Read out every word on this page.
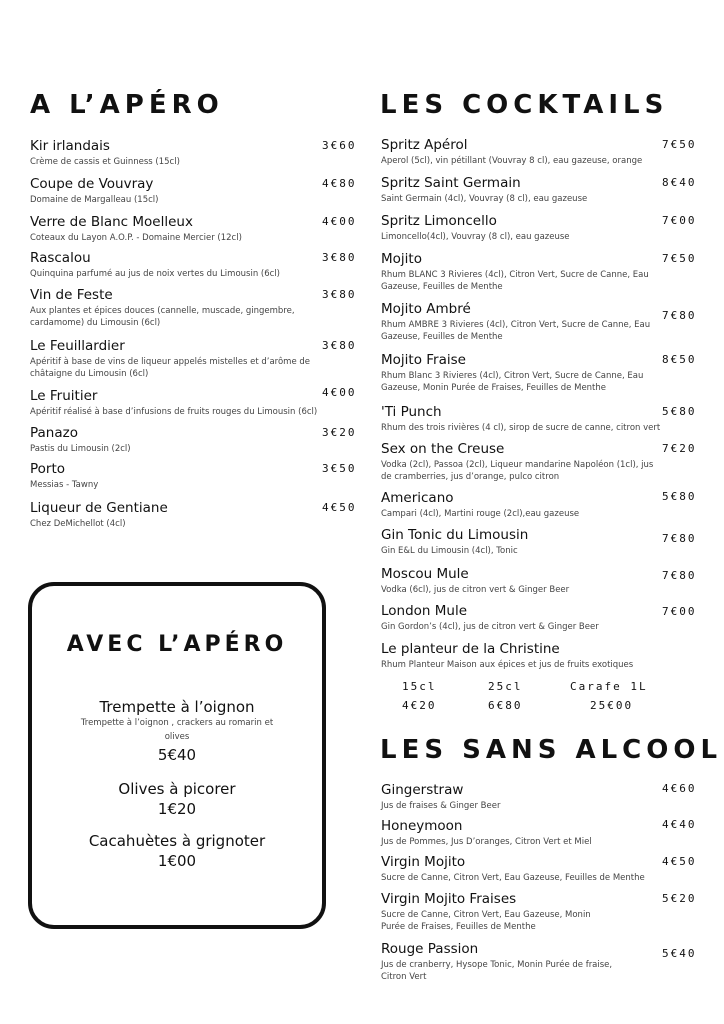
A L’APÉRO
Kir irlandais
Crème de cassis et Guinness (15cl)
3€60
Coupe de Vouvray
Domaine de Margalleau (15cl)
4€80
Verre de Blanc Moelleux
Coteaux du Layon A.O.P. - Domaine Mercier (12cl)
4€00
Rascalou
Quinquina parfumé au jus de noix vertes du Limousin (6cl)
3€80
Vin de Feste
Aux plantes et épices douces (cannelle, muscade, gingembre, cardamome) du Limousin (6cl)
3€80
Le Feuillardier
Apéritif à base de vins de liqueur appelés mistelles et d’arôme de châtaigne du Limousin (6cl)
3€80
Le Fruitier
Apéritif réalisé à base d’infusions de fruits rouges du Limousin (6cl)
4€00
Panazo
Pastis du Limousin (2cl)
3€20
Porto
Messias - Tawny
3€50
Liqueur de Gentiane
Chez DeMichellot (4cl)
4€50
AVEC L’APÉRO
Trempette à l’oignon
Trempette à l’oignon , crackers au romarin et olives
5€40
Olives à picorer
1€20
Cacahuètes à grignoter
1€00
LES COCKTAILS
Spritz Apérol
Aperol (5cl), vin pétillant (Vouvray 8 cl), eau gazeuse, orange
7€50
Spritz Saint Germain
Saint Germain (4cl), Vouvray (8 cl), eau gazeuse
8€40
Spritz Limoncello
Limoncello(4cl), Vouvray (8 cl), eau gazeuse
7€00
Mojito
Rhum BLANC 3 Rivieres (4cl), Citron Vert, Sucre de Canne, Eau Gazeuse, Feuilles de Menthe
7€50
Mojito Ambré
Rhum AMBRE 3 Rivieres (4cl), Citron Vert, Sucre de Canne, Eau Gazeuse, Feuilles de Menthe
7€80
Mojito Fraise
Rhum Blanc 3 Rivieres (4cl), Citron Vert, Sucre de Canne, Eau Gazeuse, Monin Purée de Fraises, Feuilles de Menthe
8€50
'Ti Punch
Rhum des trois rivières (4 cl), sirop de sucre de canne, citron vert
5€80
Sex on the Creuse
Vodka (2cl), Passoa (2cl), Liqueur mandarine Napoléon (1cl), jus de cramberries, jus d’orange, pulco citron
7€20
Americano
Campari (4cl), Martini rouge (2cl),eau gazeuse
5€80
Gin Tonic du Limousin
Gin E&L du Limousin (4cl), Tonic
7€80
Moscou Mule
Vodka (6cl), jus de citron vert & Ginger Beer
7€80
London Mule
Gin Gordon’s (4cl), jus de citron vert & Ginger Beer
7€00
Le planteur de la Christine
Rhum Planteur Maison aux épices et jus de fruits exotiques
15cl	25cl	Carafe 1L
4€20	6€80	25€00
LES SANS ALCOOL
Gingerstraw
Jus de fraises & Ginger Beer
4€60
Honeymoon
Jus de Pommes, Jus D’oranges, Citron Vert et Miel
4€40
Virgin Mojito
Sucre de Canne, Citron Vert, Eau Gazeuse, Feuilles de Menthe
4€50
Virgin Mojito Fraises
Sucre de Canne, Citron Vert, Eau Gazeuse, Monin Purée de Fraises, Feuilles de Menthe
5€20
Rouge Passion
Jus de cranberry, Hysope Tonic, Monin Purée de fraise, Citron Vert
5€40
